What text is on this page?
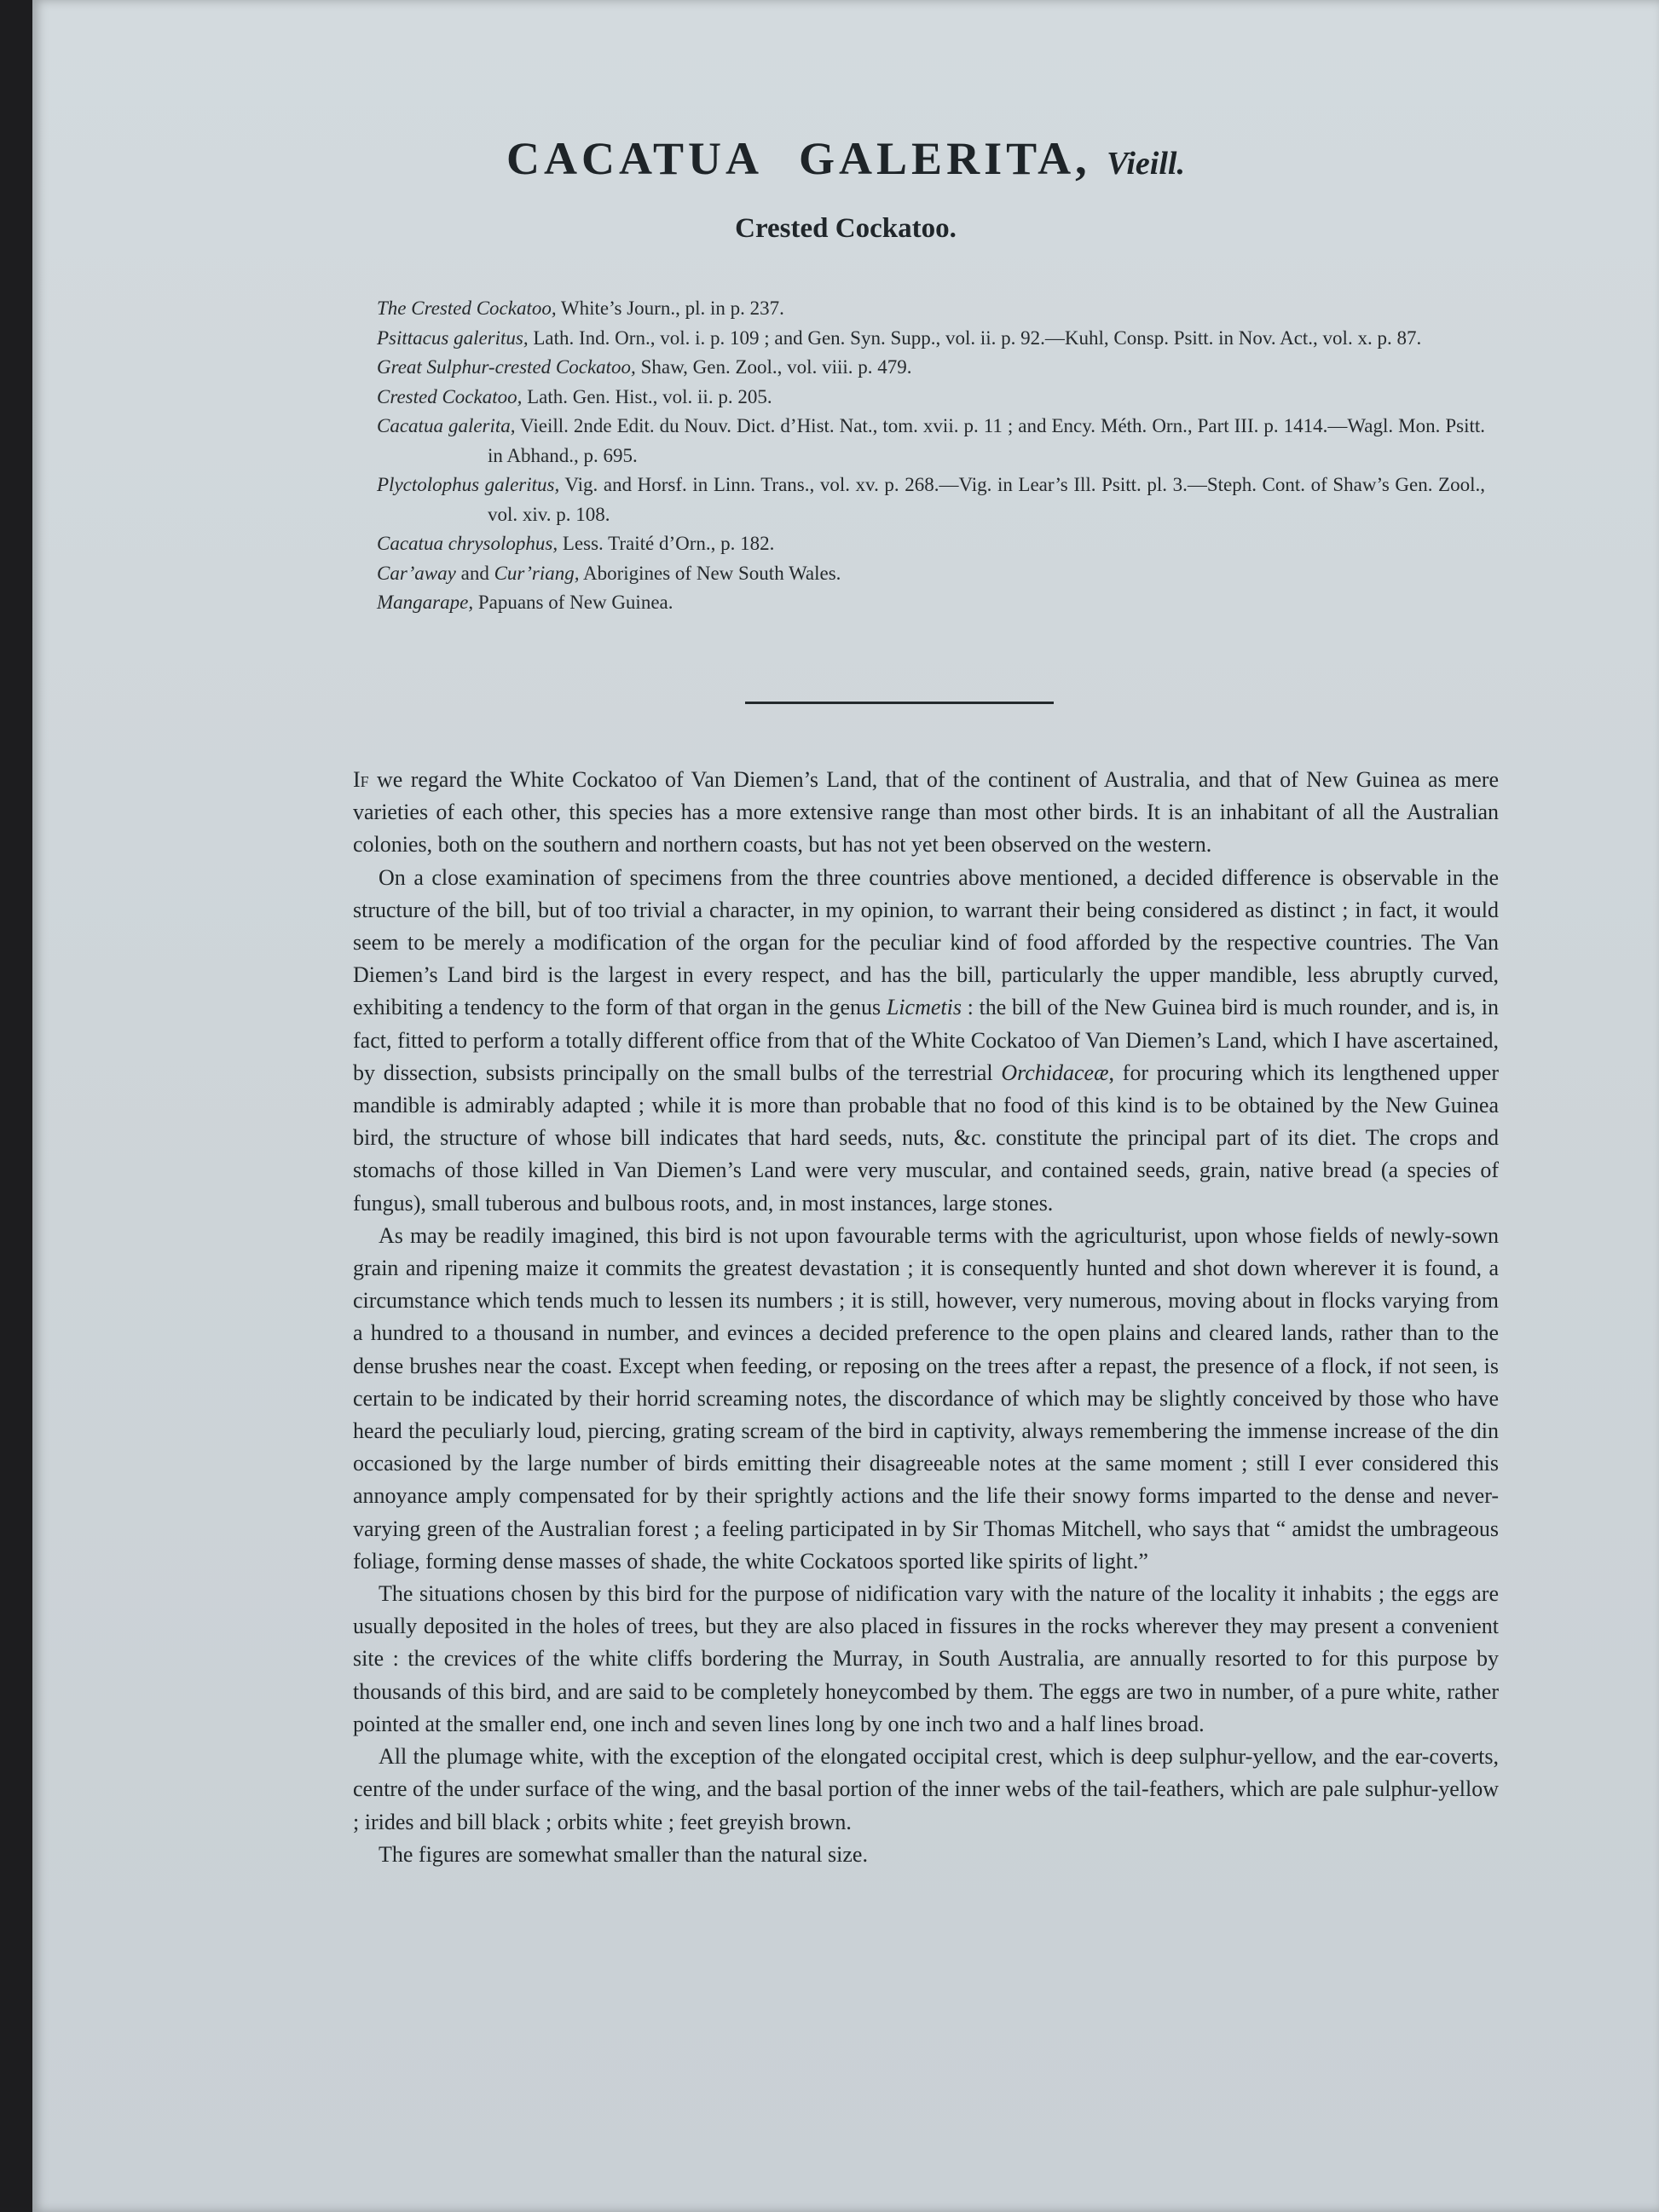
CACATUA GALERITA, Vieill.
Crested Cockatoo.
The Crested Cockatoo, White’s Journ., pl. in p. 237.
Psittacus galeritus, Lath. Ind. Orn., vol. i. p. 109 ; and Gen. Syn. Supp., vol. ii. p. 92.—Kuhl, Consp. Psitt. in Nov. Act., vol. x. p. 87.
Great Sulphur-crested Cockatoo, Shaw, Gen. Zool., vol. viii. p. 479.
Crested Cockatoo, Lath. Gen. Hist., vol. ii. p. 205.
Cacatua galerita, Vieill. 2nde Edit. du Nouv. Dict. d’Hist. Nat., tom. xvii. p. 11 ; and Ency. Méth. Orn., Part III. p. 1414.—Wagl. Mon. Psitt. in Abhand., p. 695.
Plyctolophus galeritus, Vig. and Horsf. in Linn. Trans., vol. xv. p. 268.—Vig. in Lear’s Ill. Psitt. pl. 3.—Steph. Cont. of Shaw’s Gen. Zool., vol. xiv. p. 108.
Cacatua chrysolophus, Less. Traité d’Orn., p. 182.
Car’away and Cur’riang, Aborigines of New South Wales.
Mangarape, Papuans of New Guinea.

If we regard the White Cockatoo of Van Diemen’s Land, that of the continent of Australia, and that of New Guinea as mere varieties of each other, this species has a more extensive range than most other birds. It is an inhabitant of all the Australian colonies, both on the southern and northern coasts, but has not yet been observed on the western.

On a close examination of specimens from the three countries above mentioned, a decided difference is observable in the structure of the bill, but of too trivial a character, in my opinion, to warrant their being considered as distinct ; in fact, it would seem to be merely a modification of the organ for the peculiar kind of food afforded by the respective countries. The Van Diemen’s Land bird is the largest in every respect, and has the bill, particularly the upper mandible, less abruptly curved, exhibiting a tendency to the form of that organ in the genus Licmetis : the bill of the New Guinea bird is much rounder, and is, in fact, fitted to perform a totally different office from that of the White Cockatoo of Van Diemen’s Land, which I have ascertained, by dissection, subsists principally on the small bulbs of the terrestrial Orchidaceæ, for procuring which its lengthened upper mandible is admirably adapted ; while it is more than probable that no food of this kind is to be obtained by the New Guinea bird, the structure of whose bill indicates that hard seeds, nuts, &c. constitute the principal part of its diet. The crops and stomachs of those killed in Van Diemen’s Land were very muscular, and contained seeds, grain, native bread (a species of fungus), small tuberous and bulbous roots, and, in most instances, large stones.

As may be readily imagined, this bird is not upon favourable terms with the agriculturist, upon whose fields of newly-sown grain and ripening maize it commits the greatest devastation ; it is consequently hunted and shot down wherever it is found, a circumstance which tends much to lessen its numbers ; it is still, however, very numerous, moving about in flocks varying from a hundred to a thousand in number, and evinces a decided preference to the open plains and cleared lands, rather than to the dense brushes near the coast. Except when feeding, or reposing on the trees after a repast, the presence of a flock, if not seen, is certain to be indicated by their horrid screaming notes, the discordance of which may be slightly conceived by those who have heard the peculiarly loud, piercing, grating scream of the bird in captivity, always remembering the immense increase of the din occasioned by the large number of birds emitting their disagreeable notes at the same moment ; still I ever considered this annoyance amply compensated for by their sprightly actions and the life their snowy forms imparted to the dense and never-varying green of the Australian forest ; a feeling participated in by Sir Thomas Mitchell, who says that “ amidst the umbrageous foliage, forming dense masses of shade, the white Cockatoos sported like spirits of light.”

The situations chosen by this bird for the purpose of nidification vary with the nature of the locality it inhabits ; the eggs are usually deposited in the holes of trees, but they are also placed in fissures in the rocks wherever they may present a convenient site : the crevices of the white cliffs bordering the Murray, in South Australia, are annually resorted to for this purpose by thousands of this bird, and are said to be completely honeycombed by them. The eggs are two in number, of a pure white, rather pointed at the smaller end, one inch and seven lines long by one inch two and a half lines broad.

All the plumage white, with the exception of the elongated occipital crest, which is deep sulphur-yellow, and the ear-coverts, centre of the under surface of the wing, and the basal portion of the inner webs of the tail-feathers, which are pale sulphur-yellow ; irides and bill black ; orbits white ; feet greyish brown.

The figures are somewhat smaller than the natural size.
